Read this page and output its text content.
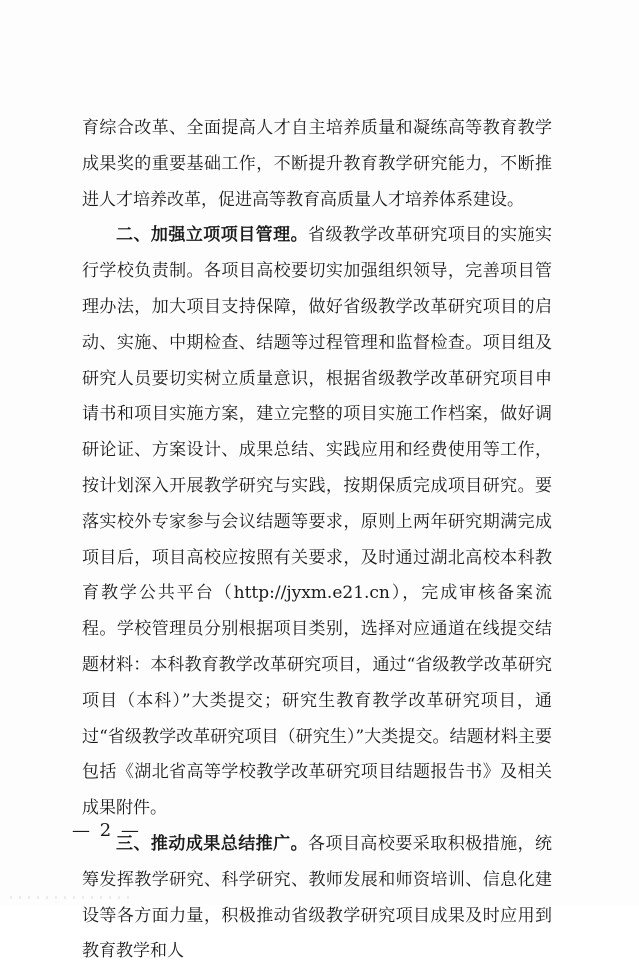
育综合改革、全面提高人才自主培养质量和凝练高等教育教学成果奖的重要基础工作，不断提升教育教学研究能力，不断推进人才培养改革，促进高等教育高质量人才培养体系建设。

二、加强立项项目管理。省级教学改革研究项目的实施实行学校负责制。各项目高校要切实加强组织领导，完善项目管理办法，加大项目支持保障，做好省级教学改革研究项目的启动、实施、中期检查、结题等过程管理和监督检查。项目组及研究人员要切实树立质量意识，根据省级教学改革研究项目申请书和项目实施方案，建立完整的项目实施工作档案，做好调研论证、方案设计、成果总结、实践应用和经费使用等工作，按计划深入开展教学研究与实践，按期保质完成项目研究。要落实校外专家参与会议结题等要求，原则上两年研究期满完成项目后，项目高校应按照有关要求，及时通过湖北高校本科教育教学公共平台（http://jyxm.e21.cn），完成审核备案流程。学校管理员分别根据项目类别，选择对应通道在线提交结题材料：本科教育教学改革研究项目，通过“省级教学改革研究项目（本科）”大类提交；研究生教育教学改革研究项目，通过“省级教学改革研究项目（研究生）”大类提交。结题材料主要包括《湖北省高等学校教学改革研究项目结题报告书》及相关成果附件。

三、推动成果总结推广。各项目高校要采取积极措施，统筹发挥教学研究、科学研究、教师发展和师资培训、信息化建设等各方面力量，积极推动省级教学研究项目成果及时应用到教育教学和人

— 2 —
